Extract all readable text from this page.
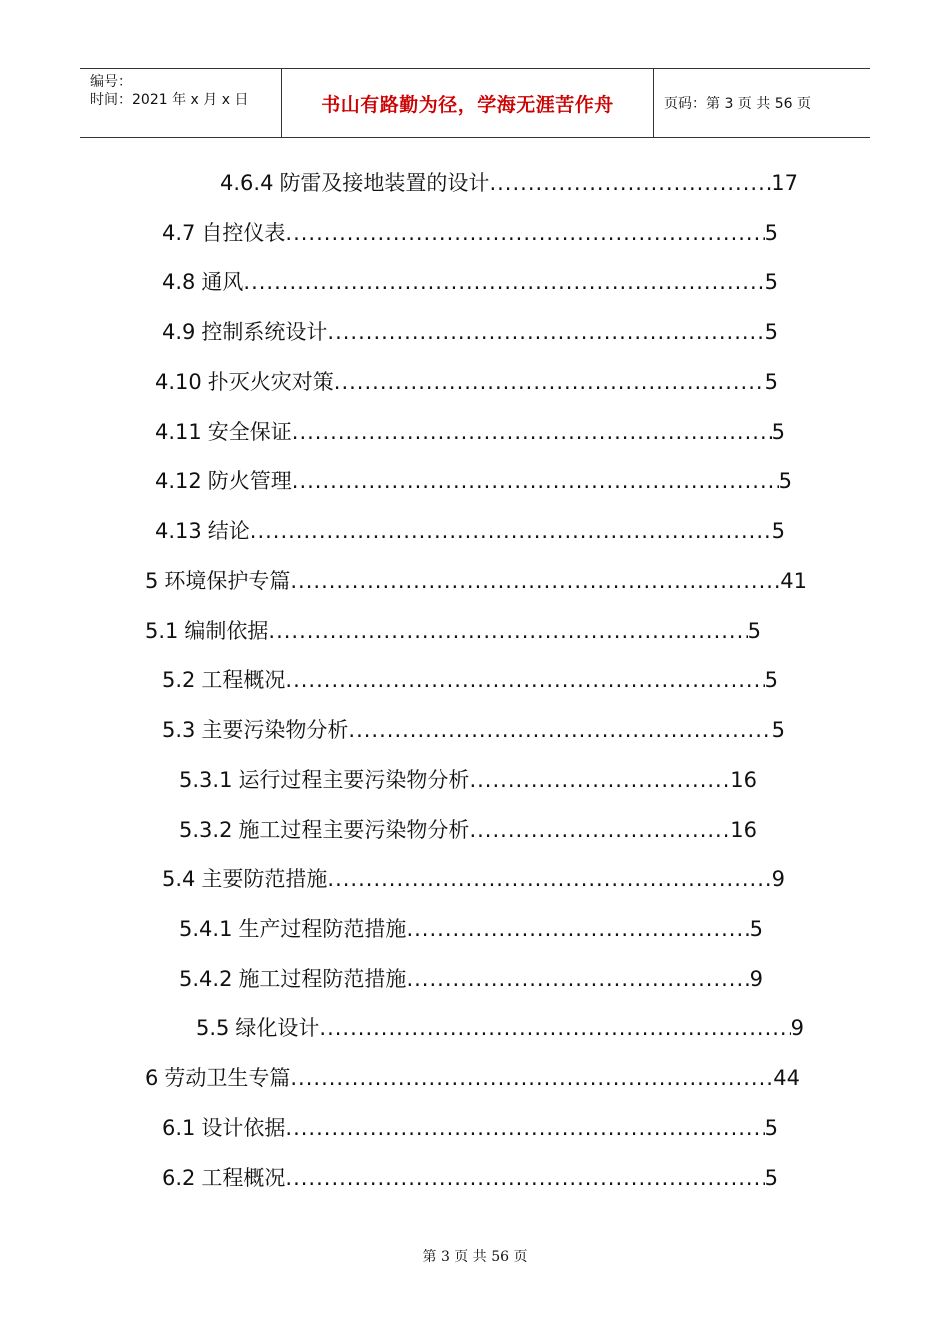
编号：
时间：2021 年 x 月 x 日	书山有路勤为径，学海无涯苦作舟	页码：第 3 页 共 56 页
4.6.4 防雷及接地装置的设计 .....	17
4.7 自控仪表 .....	5
4.8 通风 .....	5
4.9 控制系统设计 .....	5
4.10 扑灭火灾对策 .....	5
4.11 安全保证 .....	5
4.12 防火管理 .....	5
4.13 结论 .....	5
5 环境保护专篇 .....	41
5.1 编制依据 .....	5
5.2 工程概况 .....	5
5.3 主要污染物分析 .....	5
5.3.1 运行过程主要污染物分析 .....	16
5.3.2 施工过程主要污染物分析 .....	16
5.4 主要防范措施 .....	9
5.4.1 生产过程防范措施 .....	5
5.4.2 施工过程防范措施 .....	9
5.5 绿化设计 .....	9
6 劳动卫生专篇 .....	44
6.1 设计依据 .....	5
6.2 工程概况 .....	5
第 3 页 共 56 页
